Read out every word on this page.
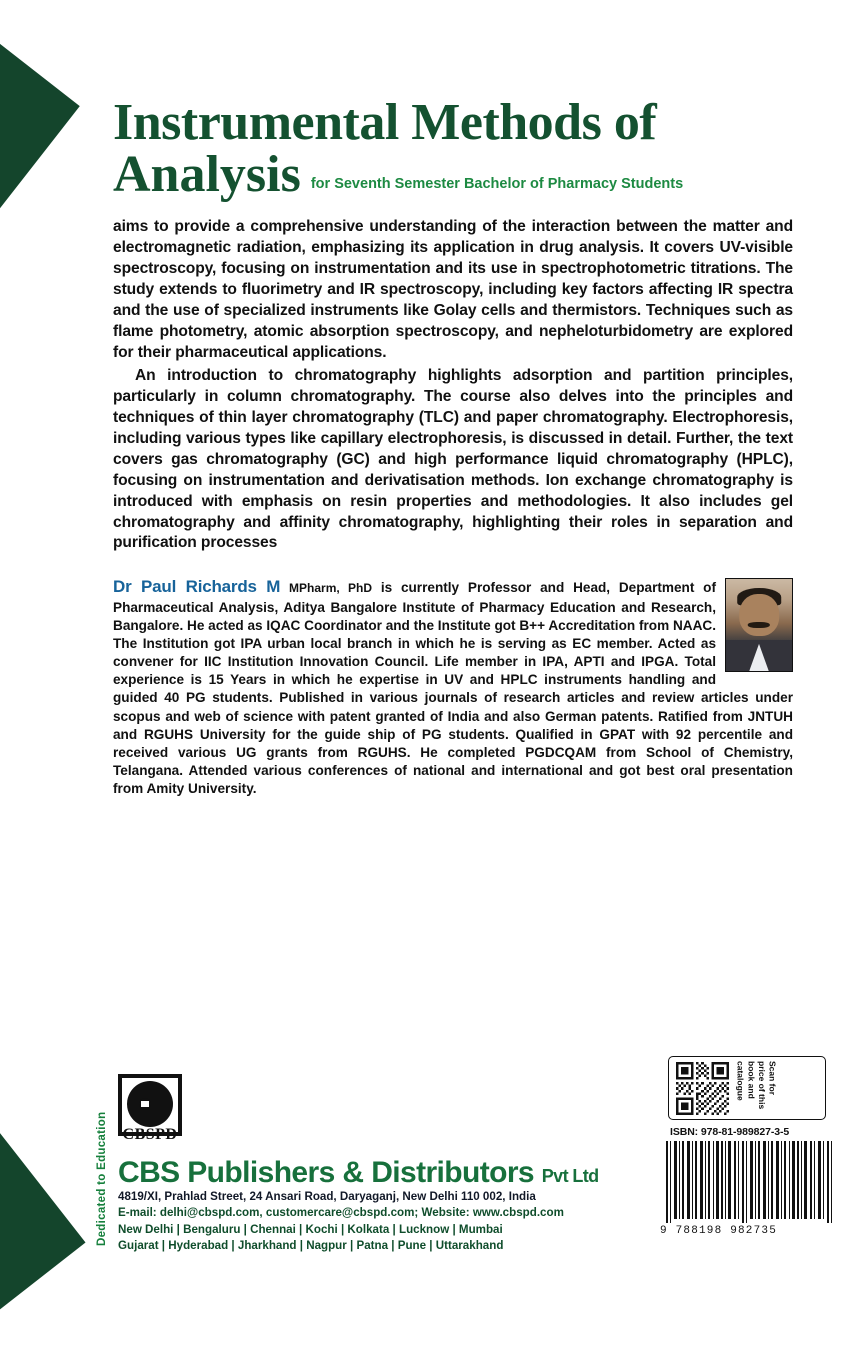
Instrumental Methods of
Analysis for Seventh Semester Bachelor of Pharmacy Students

aims to provide a comprehensive understanding of the interaction between the matter and electromagnetic radiation, emphasizing its application in drug analysis. It covers UV-visible spectroscopy, focusing on instrumentation and its use in spectrophotometric titrations. The study extends to fluorimetry and IR spectroscopy, including key factors affecting IR spectra and the use of specialized instruments like Golay cells and thermistors. Techniques such as flame photometry, atomic absorption spectroscopy, and nepheloturbidometry are explored for their pharmaceutical applications.

An introduction to chromatography highlights adsorption and partition principles, particularly in column chromatography. The course also delves into the principles and techniques of thin layer chromatography (TLC) and paper chromatography. Electrophoresis, including various types like capillary electrophoresis, is discussed in detail. Further, the text covers gas chromatography (GC) and high performance liquid chromatography (HPLC), focusing on instrumentation and derivatisation methods. Ion exchange chromatography is introduced with emphasis on resin properties and methodologies. It also includes gel chromatography and affinity chromatography, highlighting their roles in separation and purification processes

Dr Paul Richards M MPharm, PhD is currently Professor and Head, Department of Pharmaceutical Analysis, Aditya Bangalore Institute of Pharmacy Education and Research, Bangalore. He acted as IQAC Coordinator and the Institute got B++ Accreditation from NAAC. The Institution got IPA urban local branch in which he is serving as EC member. Acted as convener for IIC Institution Innovation Council. Life member in IPA, APTI and IPGA. Total experience is 15 Years in which he expertise in UV and HPLC instruments handling and guided 40 PG students. Published in various journals of research articles and review articles under scopus and web of science with patent granted of India and also German patents. Ratified from JNTUH and RGUHS University for the guide ship of PG students. Qualified in GPAT with 92 percentile and received various UG grants from RGUHS. He completed PGDCQAM from School of Chemistry, Telangana. Attended various conferences of national and international and got best oral presentation from Amity University.
Dedicated to Education CBSPD
CBS Publishers & Distributors Pvt Ltd
4819/XI, Prahlad Street, 24 Ansari Road, Daryaganj, New Delhi 110 002, India
E-mail: delhi@cbspd.com, customercare@cbspd.com; Website: www.cbspd.com
New Delhi | Bengaluru | Chennai | Kochi | Kolkata | Lucknow | Mumbai
Gujarat | Hyderabad | Jharkhand | Nagpur | Patna | Pune | Uttarakhand
Scan for price of this book and catalogue
ISBN: 978-81-989827-3-5
9 788198 982735
